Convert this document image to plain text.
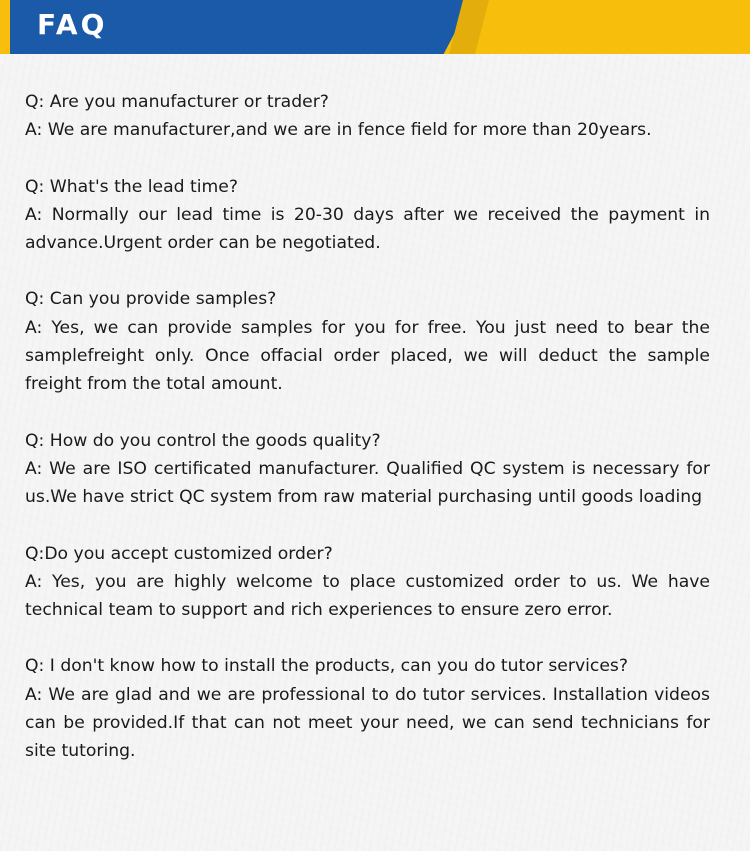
FAQ

Q: Are you manufacturer or trader?

A: We are manufacturer,and we are in fence field for more than 20years.

Q: What's the lead time?

A: Normally our lead time is 20-30 days after we received the payment in advance.Urgent order can be negotiated.

Q: Can you provide samples?

A: Yes, we can provide samples for you for free. You just need to bear the samplefreight only. Once offacial order placed, we will deduct the sample freight from the total amount.

Q: How do you control the goods quality?

A: We are ISO certificated manufacturer. Qualified QC system is necessary for us.We have strict QC system from raw material purchasing until goods loading

Q:Do you accept customized order?

A: Yes, you are highly welcome to place customized order to us. We have technical team to support and rich experiences to ensure zero error.

Q: I don't know how to install the products, can you do tutor services?

A: We are glad and we are professional to do tutor services. Installation videos can be provided.If that can not meet your need, we can send technicians for site tutoring.
